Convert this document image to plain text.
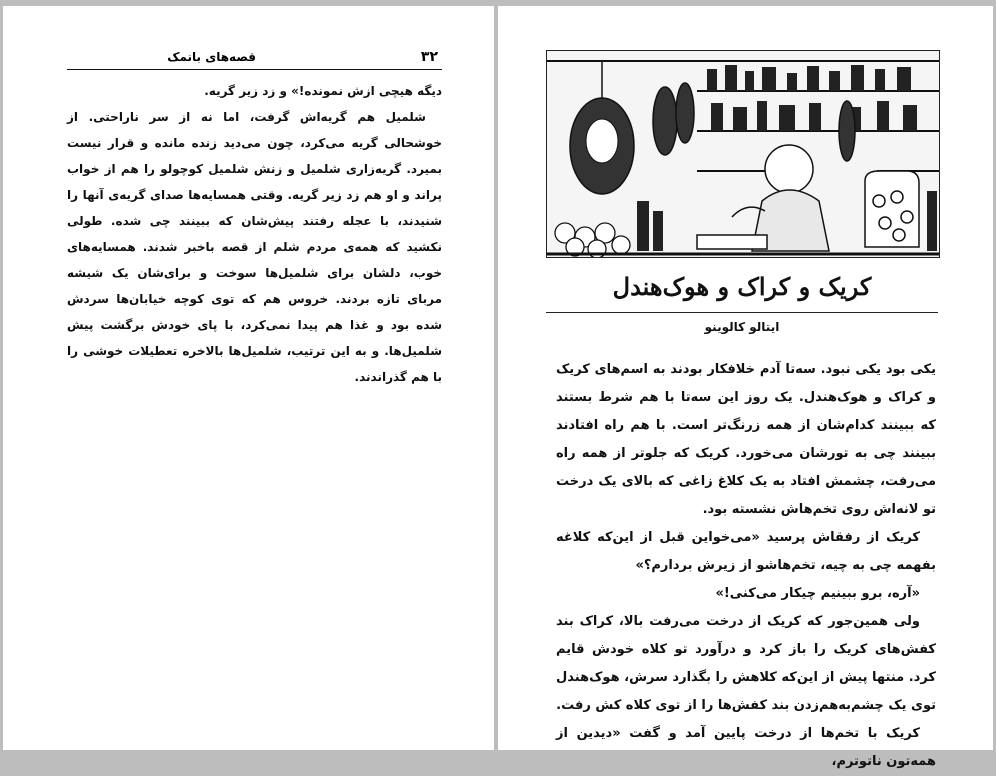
۳۲
قصه‌های بانمک

دیگه هیچی ازش نمونده!» و زد زیر گریه.

شلمیل هم گریه‌اش گرفت، اما نه از سر ناراحتی. از خوشحالی گریه می‌کرد، چون می‌دید زنده مانده و قرار نیست بمیرد. گریه‌زاری شلمیل و زنش شلمیل کوچولو را هم از خواب پراند و او هم زد زیر گریه. وقتی همسایه‌ها صدای گریه‌ی آنها را شنیدند، با عجله رفتند پیش‌شان که ببینند چی شده. طولی نکشید که همه‌ی مردم شلم از قصه باخبر شدند. همسایه‌های خوب، دلشان برای شلمیل‌ها سوخت و برای‌شان یک شیشه مربای تازه بردند. خروس هم که توی کوچه خیابان‌ها سردش شده بود و غذا هم پیدا نمی‌کرد، با پای خودش برگشت پیش شلمیل‌ها. و به این ترتیب، شلمیل‌ها بالاخره تعطیلات خوشی را با هم گذراندند.

کریک و کراک و هوک‌هندل
ایتالو کالوینو

یکی بود یکی نبود. سه‌تا آدم خلافکار بودند به اسم‌های کریک و کراک و هوک‌هندل. یک روز این سه‌تا با هم شرط بستند که ببینند کدام‌شان از همه زرنگ‌تر است. با هم راه افتادند ببینند چی به تورشان می‌خورد. کریک که جلوتر از همه راه می‌رفت، چشمش افتاد به یک کلاغ زاغی که بالای یک درخت تو لانه‌اش روی تخم‌هاش نشسته بود.

کریک از رفقاش پرسید «می‌خواین قبل از این‌که کلاغه بفهمه چی به چیه، تخم‌هاشو از زیرش بردارم؟»

«آره، برو ببینیم چیکار می‌کنی!»

ولی همین‌جور که کریک از درخت می‌رفت بالا، کراک بند کفش‌های کریک را باز کرد و درآورد تو کلاه خودش قایم کرد. منتها پیش از این‌که کلاهش را بگذارد سرش، هوک‌هندل توی یک چشم‌به‌هم‌زدن بند کفش‌ها را از توی کلاه کش رفت.

کریک با تخم‌ها از درخت پایین آمد و گفت «دیدین از همه‌تون ناتوترم،
